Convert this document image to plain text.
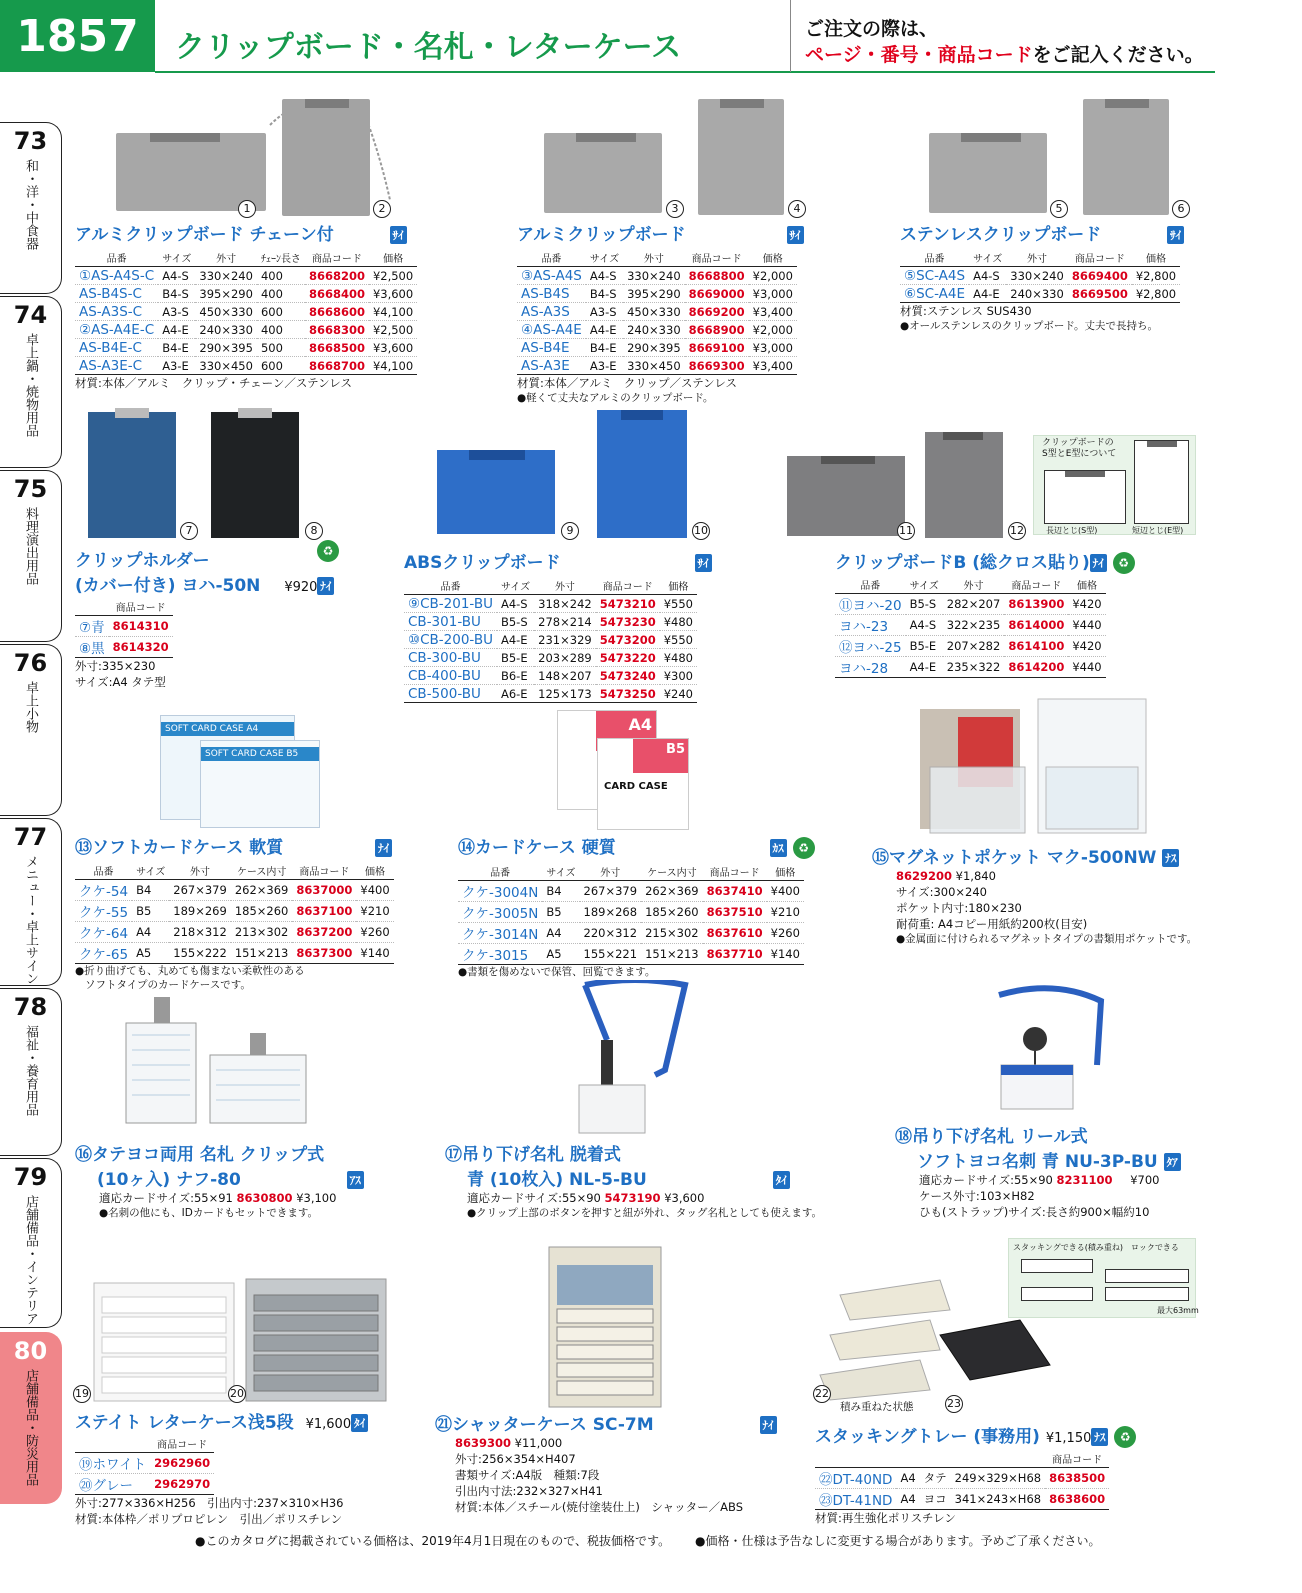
1857	クリップボード・名札・レターケース
ご注文の際は、
ページ・番号・商品コードをご記入ください。
73
和・洋・中食器
74
卓上鍋・焼物用品
75
料理演出用品
76
卓上小物
77
メニュー・卓上サイン
78
福祉・養育用品
79
店舗備品・インテリア
80
店舗備品・防災用品
1	2	3	4	5	6
アルミクリップボード チェーン付	ｻｲ
品番	サイズ	外寸	ﾁｪｰﾝ長さ	商品コード	価格
①AS-A4S-C	A4-S	330×240	400	8668200	¥2,500
AS-B4S-C	B4-S	395×290	400	8668400	¥3,600
AS-A3S-C	A3-S	450×330	600	8668600	¥4,100
②AS-A4E-C	A4-E	240×330	400	8668300	¥2,500
AS-B4E-C	B4-E	290×395	500	8668500	¥3,600
AS-A3E-C	A3-E	330×450	600	8668700	¥4,100
材質:本体／アルミ　クリップ・チェーン／ステンレス
アルミクリップボード	ｻｲ
品番	サイズ	外寸	商品コード	価格
③AS-A4S	A4-S	330×240	8668800	¥2,000
AS-B4S	B4-S	395×290	8669000	¥3,000
AS-A3S	A3-S	450×330	8669200	¥3,400
④AS-A4E	A4-E	240×330	8668900	¥2,000
AS-B4E	B4-E	290×395	8669100	¥3,000
AS-A3E	A3-E	330×450	8669300	¥3,400
材質:本体／アルミ　クリップ／ステンレス
●軽くて丈夫なアルミのクリップボード。
ステンレスクリップボード	ｻｲ
品番	サイズ	外寸	商品コード	価格
⑤SC-A4S	A4-S	330×240	8669400	¥2,800
⑥SC-A4E	A4-E	240×330	8669500	¥2,800
材質:ステンレス SUS430
●オールステンレスのクリップボード。丈夫で長持ち。
7	8	9	10	11	12
クリップボードの
S型とE型について
長辺とじ(S型)	短辺とじ(E型)
クリップホルダー
(カバー付き) ヨハ-50N ¥920 ﾅｲ
♻
	商品コード
⑦青	8614310
⑧黒	8614320
外寸:335×230
サイズ:A4 タテ型
ABSクリップボード	ｻｲ
品番	サイズ	外寸	商品コード	価格
⑨CB-201-BU	A4-S	318×242	5473210	¥550
CB-301-BU	B5-S	278×214	5473230	¥480
⑩CB-200-BU	A4-E	231×329	5473200	¥550
CB-300-BU	B5-E	203×289	5473220	¥480
CB-400-BU	B6-E	148×207	5473240	¥300
CB-500-BU	A6-E	125×173	5473250	¥240
クリップボードB (総クロス貼り) ﾅｲ ♻
品番	サイズ	外寸	商品コード	価格
⑪ヨハ-20	B5-S	282×207	8613900	¥420
ヨハ-23	A4-S	322×235	8614000	¥440
⑫ヨハ-25	B5-E	207×282	8614100	¥420
ヨハ-28	A4-E	235×322	8614200	¥440
SOFT CARD CASE A4
SOFT CARD CASE B5
A4
B5
CARD CASE
⑬ソフトカードケース 軟質	ﾅｲ
品番	サイズ	外寸	ケース内寸	商品コード	価格
クケ-54	B4	267×379	262×369	8637000	¥400
クケ-55	B5	189×269	185×260	8637100	¥210
クケ-64	A4	218×312	213×302	8637200	¥260
クケ-65	A5	155×222	151×213	8637300	¥140
●折り曲げても、丸めても傷まない柔軟性のある
ソフトタイプのカードケースです。
⑭カードケース 硬質	ｶｽ ♻
品番	サイズ	外寸	ケース内寸	商品コード	価格
クケ-3004N	B4	267×379	262×369	8637410	¥400
クケ-3005N	B5	189×268	185×260	8637510	¥210
クケ-3014N	A4	220×312	215×302	8637610	¥260
クケ-3015	A5	155×221	151×213	8637710	¥140
●書類を傷めないで保管、回覧できます。
⑮マグネットポケット マク-500NW ﾅｽ
8629200 ¥1,840
サイズ:300×240
ポケット内寸:180×230
耐荷重: A4コピー用紙約200枚(目安)
●金属面に付けられるマグネットタイプの書類用ポケットです。
⑯タテヨコ両用 名札 クリップ式
(10ヶ入) ナフ-80	ｱｽ
適応カードサイズ:55×91 8630800 ¥3,100
●名刺の他にも、IDカードもセットできます。
⑰吊り下げ名札 脱着式
青 (10枚入) NL-5-BU	ﾀｲ
適応カードサイズ:55×90 5473190 ¥3,600
●クリップ上部のボタンを押すと紐が外れ、タッグ名札としても使えます。
⑱吊り下げ名札 リール式
ソフトヨコ名刺 青 NU-3P-BU ﾀｱ
適応カードサイズ:55×90 8231100 ¥700
ケース外寸:103×H82
ひも(ストラップ)サイズ:長さ約900×幅約10
19	20	22
積み重ねた状態	23
スタッキングできる(積み重ね) ロックできる
最大63mm
ステイト レターケース浅5段 ¥1,600 ﾀｲ
	商品コード
⑲ホワイト	2962960
⑳グレー	2962970
外寸:277×336×H256　引出内寸:237×310×H36
材質:本体枠／ポリプロピレン　引出／ポリスチレン
㉑シャッターケース SC-7M	ﾅｲ
8639300 ¥11,000
外寸:256×354×H407
書類サイズ:A4版　種類:7段
引出内寸法:232×327×H41
材質:本体／スチール(焼付塗装仕上)　シャッター／ABS
スタッキングトレー (事務用) ¥1,150 ﾅｽ ♻
				商品コード
㉒DT-40ND	A4	タテ	249×329×H68	8638500
㉓DT-41ND	A4	ヨコ	341×243×H68	8638600
材質:再生強化ポリスチレン
●このカタログに掲載されている価格は、2019年4月1日現在のもので、税抜価格です。 ●価格・仕様は予告なしに変更する場合があります。予めご了承ください。
